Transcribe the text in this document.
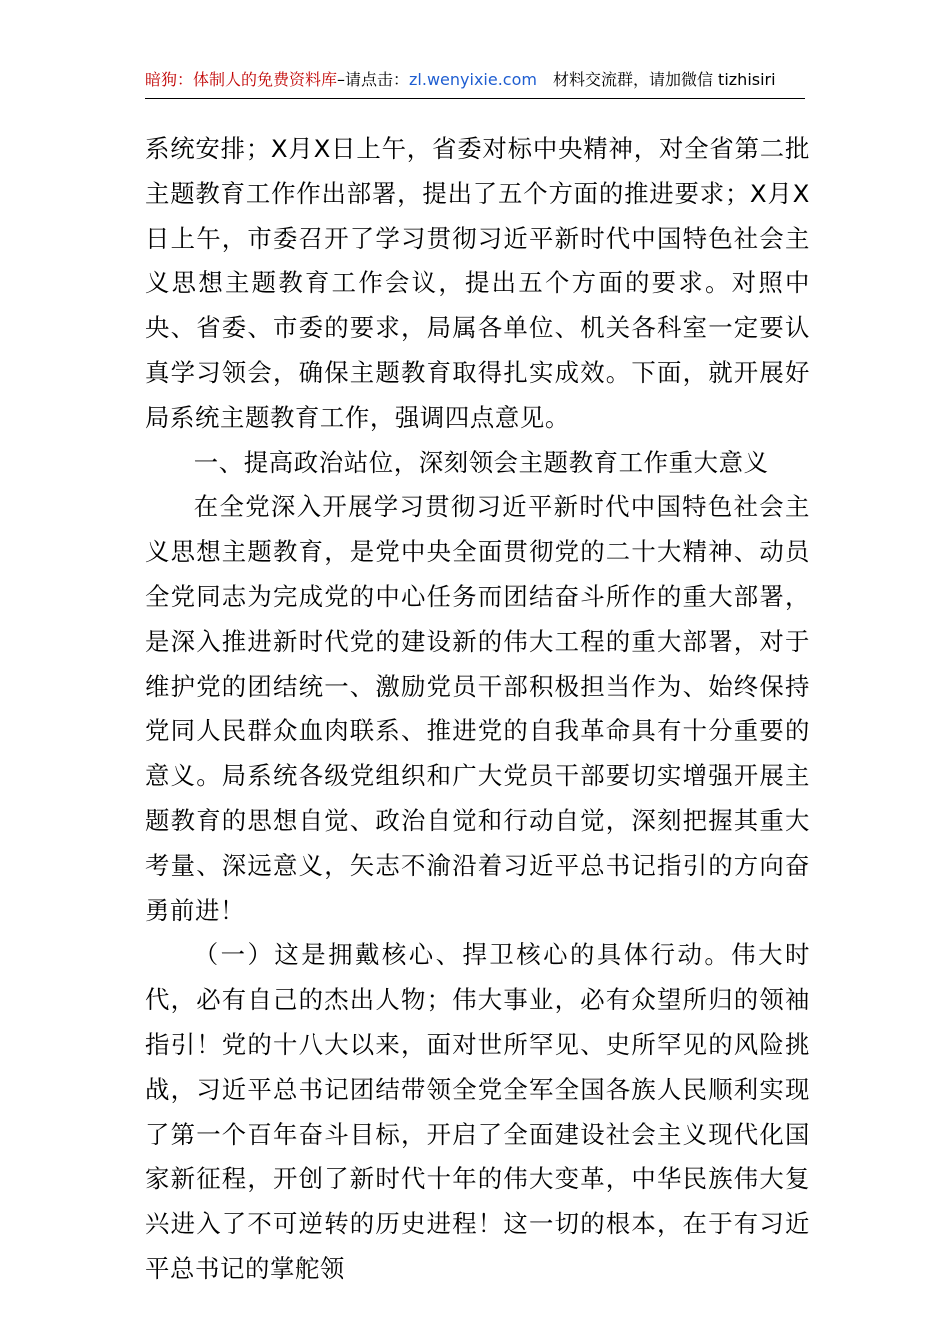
暗狗：体制人的免费资料库–请点击：zl.wenyixie.com 材料交流群，请加微信 tizhisiri

系统安排；X月X日上午，省委对标中央精神，对全省第二批主题教育工作作出部署，提出了五个方面的推进要求；X月X日上午，市委召开了学习贯彻习近平新时代中国特色社会主义思想主题教育工作会议，提出五个方面的要求。对照中央、省委、市委的要求，局属各单位、机关各科室一定要认真学习领会，确保主题教育取得扎实成效。下面，就开展好局系统主题教育工作，强调四点意见。

一、提高政治站位，深刻领会主题教育工作重大意义

在全党深入开展学习贯彻习近平新时代中国特色社会主义思想主题教育，是党中央全面贯彻党的二十大精神、动员全党同志为完成党的中心任务而团结奋斗所作的重大部署，是深入推进新时代党的建设新的伟大工程的重大部署，对于维护党的团结统一、激励党员干部积极担当作为、始终保持党同人民群众血肉联系、推进党的自我革命具有十分重要的意义。局系统各级党组织和广大党员干部要切实增强开展主题教育的思想自觉、政治自觉和行动自觉，深刻把握其重大考量、深远意义，矢志不渝沿着习近平总书记指引的方向奋勇前进！

（一）这是拥戴核心、捍卫核心的具体行动。伟大时代，必有自己的杰出人物；伟大事业，必有众望所归的领袖指引！党的十八大以来，面对世所罕见、史所罕见的风险挑战，习近平总书记团结带领全党全军全国各族人民顺利实现了第一个百年奋斗目标，开启了全面建设社会主义现代化国家新征程，开创了新时代十年的伟大变革，中华民族伟大复兴进入了不可逆转的历史进程！这一切的根本，在于有习近平总书记的掌舵领
